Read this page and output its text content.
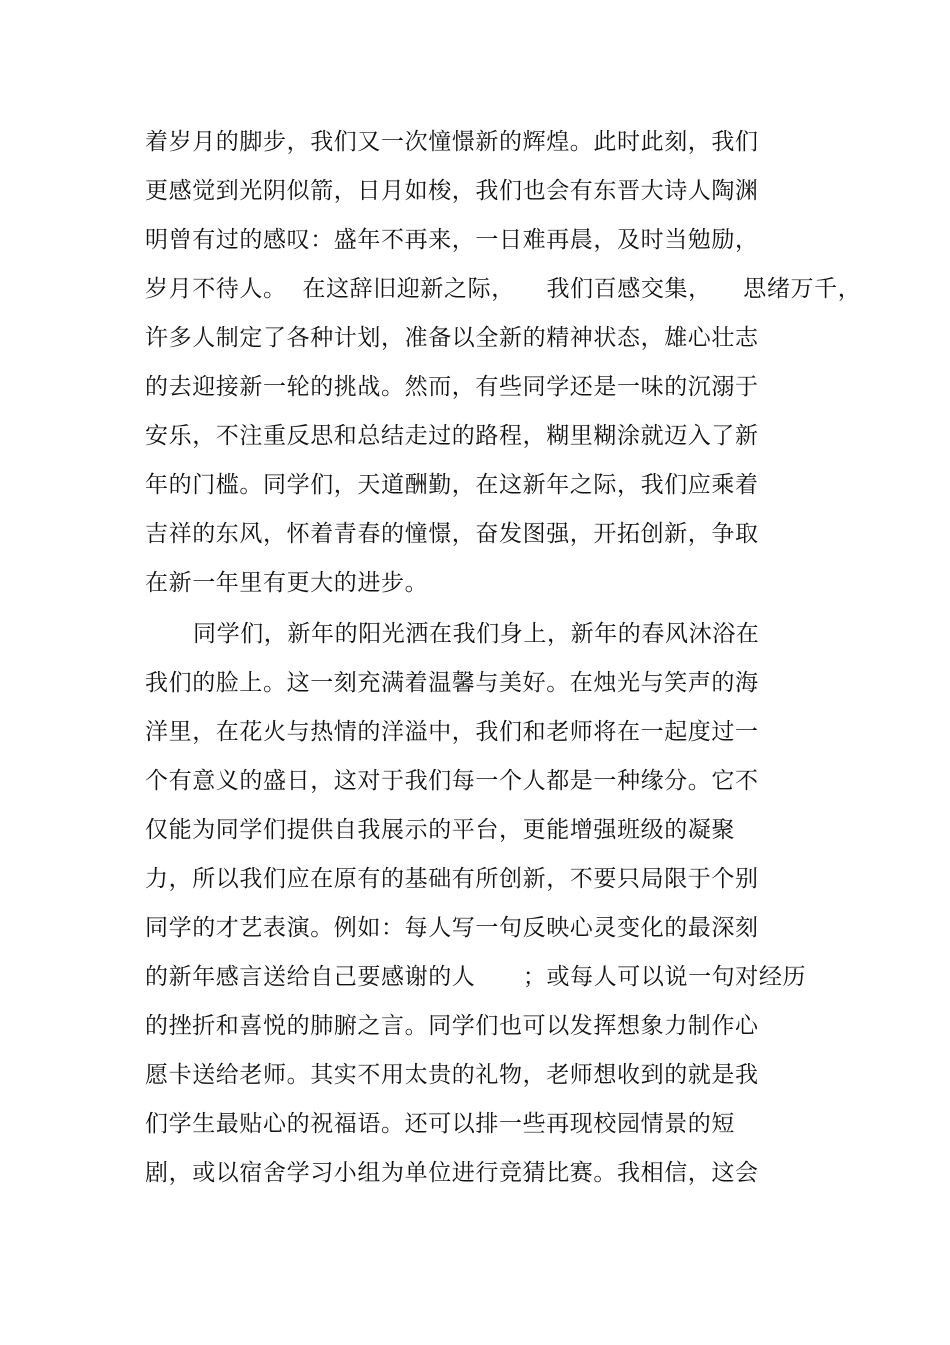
着岁月的脚步，我们又一次憧憬新的辉煌。此时此刻，我们
更感觉到光阴似箭，日月如梭，我们也会有东晋大诗人陶渊
明曾有过的感叹：盛年不再来，一日难再晨，及时当勉励，
岁月不待人。  在这辞旧迎新之际，    我们百感交集，    思绪万千，
许多人制定了各种计划，准备以全新的精神状态，雄心壮志
的去迎接新一轮的挑战。然而，有些同学还是一味的沉溺于
安乐，不注重反思和总结走过的路程，糊里糊涂就迈入了新
年的门槛。同学们，天道酬勤，在这新年之际，我们应乘着
吉祥的东风，怀着青春的憧憬，奋发图强，开拓创新，争取
在新一年里有更大的进步。
同学们，新年的阳光洒在我们身上，新年的春风沐浴在
我们的脸上。这一刻充满着温馨与美好。在烛光与笑声的海
洋里，在花火与热情的洋溢中，我们和老师将在一起度过一
个有意义的盛日，这对于我们每一个人都是一种缘分。它不
仅能为同学们提供自我展示的平台，更能增强班级的凝聚
力，所以我们应在原有的基础有所创新，不要只局限于个别
同学的才艺表演。例如：每人写一句反映心灵变化的最深刻
的新年感言送给自己要感谢的人      ；或每人可以说一句对经历
的挫折和喜悦的肺腑之言。同学们也可以发挥想象力制作心
愿卡送给老师。其实不用太贵的礼物，老师想收到的就是我
们学生最贴心的祝福语。还可以排一些再现校园情景的短
剧，或以宿舍学习小组为单位进行竞猜比赛。我相信，这会
